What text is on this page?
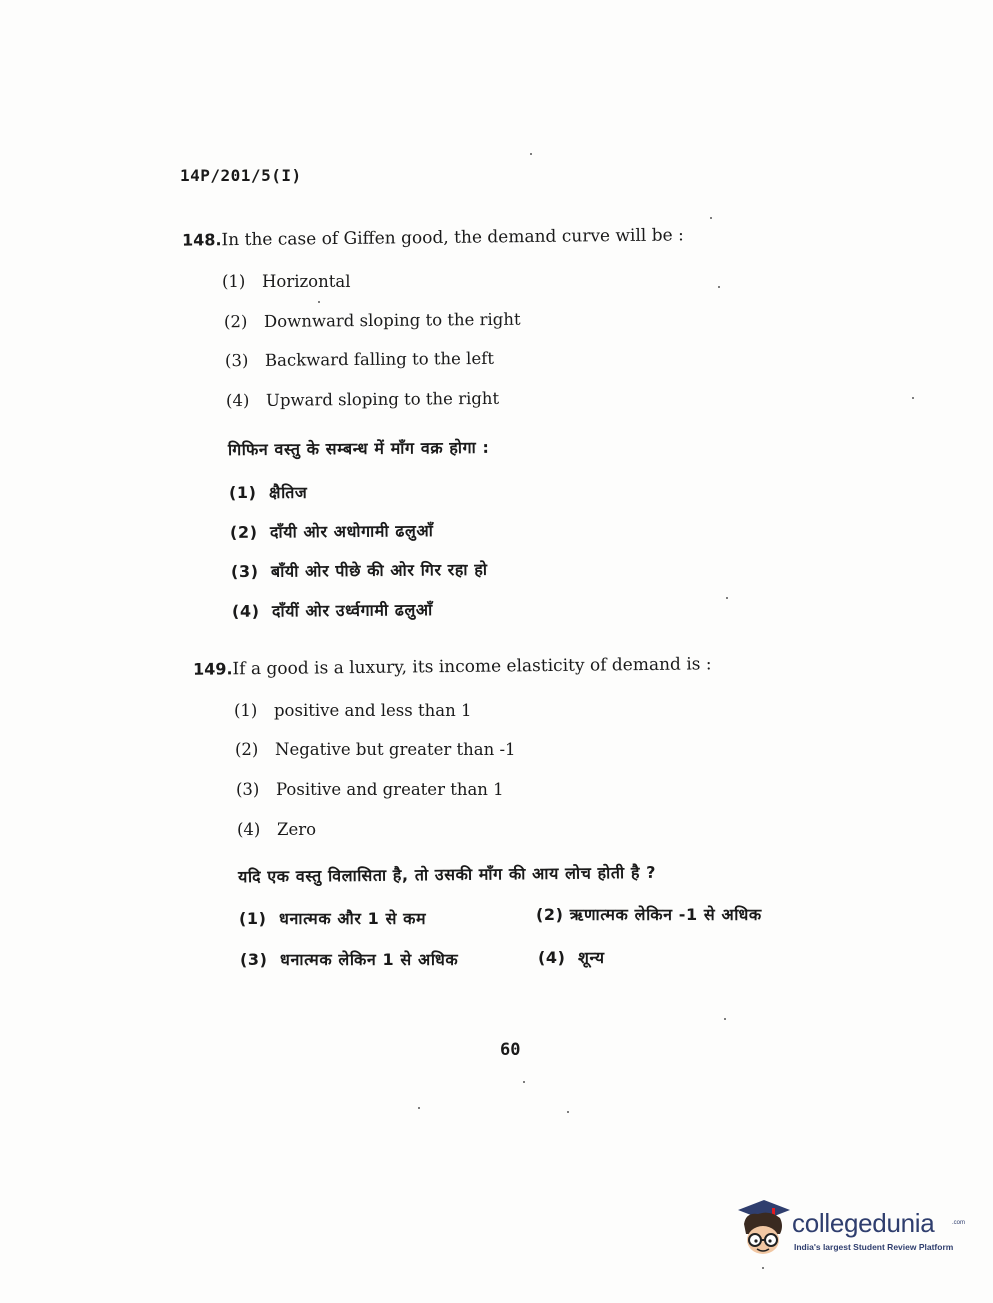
14P/201/5(I)
148.In the case of Giffen good, the demand curve will be :
(1) Horizontal
(2) Downward sloping to the right
(3) Backward falling to the left
(4) Upward sloping to the right
गिफिन वस्तु के सम्बन्ध में माँग वक्र होगा :
(1) क्षैतिज
(2) दाँयी ओर अधोगामी ढलुआँ
(3) बाँयी ओर पीछे की ओर गिर रहा हो
(4) दाँयीं ओर उर्ध्वगामी ढलुआँ
149.If a good is a luxury, its income elasticity of demand is :
(1) positive and less than 1
(2) Negative but greater than -1
(3) Positive and greater than 1
(4) Zero
यदि एक वस्तु विलासिता है, तो उसकी माँग की आय लोच होती है ?
(1) धनात्मक और 1 से कम	(2) ऋणात्मक लेकिन -1 से अधिक
(3) धनात्मक लेकिन 1 से अधिक	(4) शून्य
60
collegedunia	.com
India's largest Student Review Platform
